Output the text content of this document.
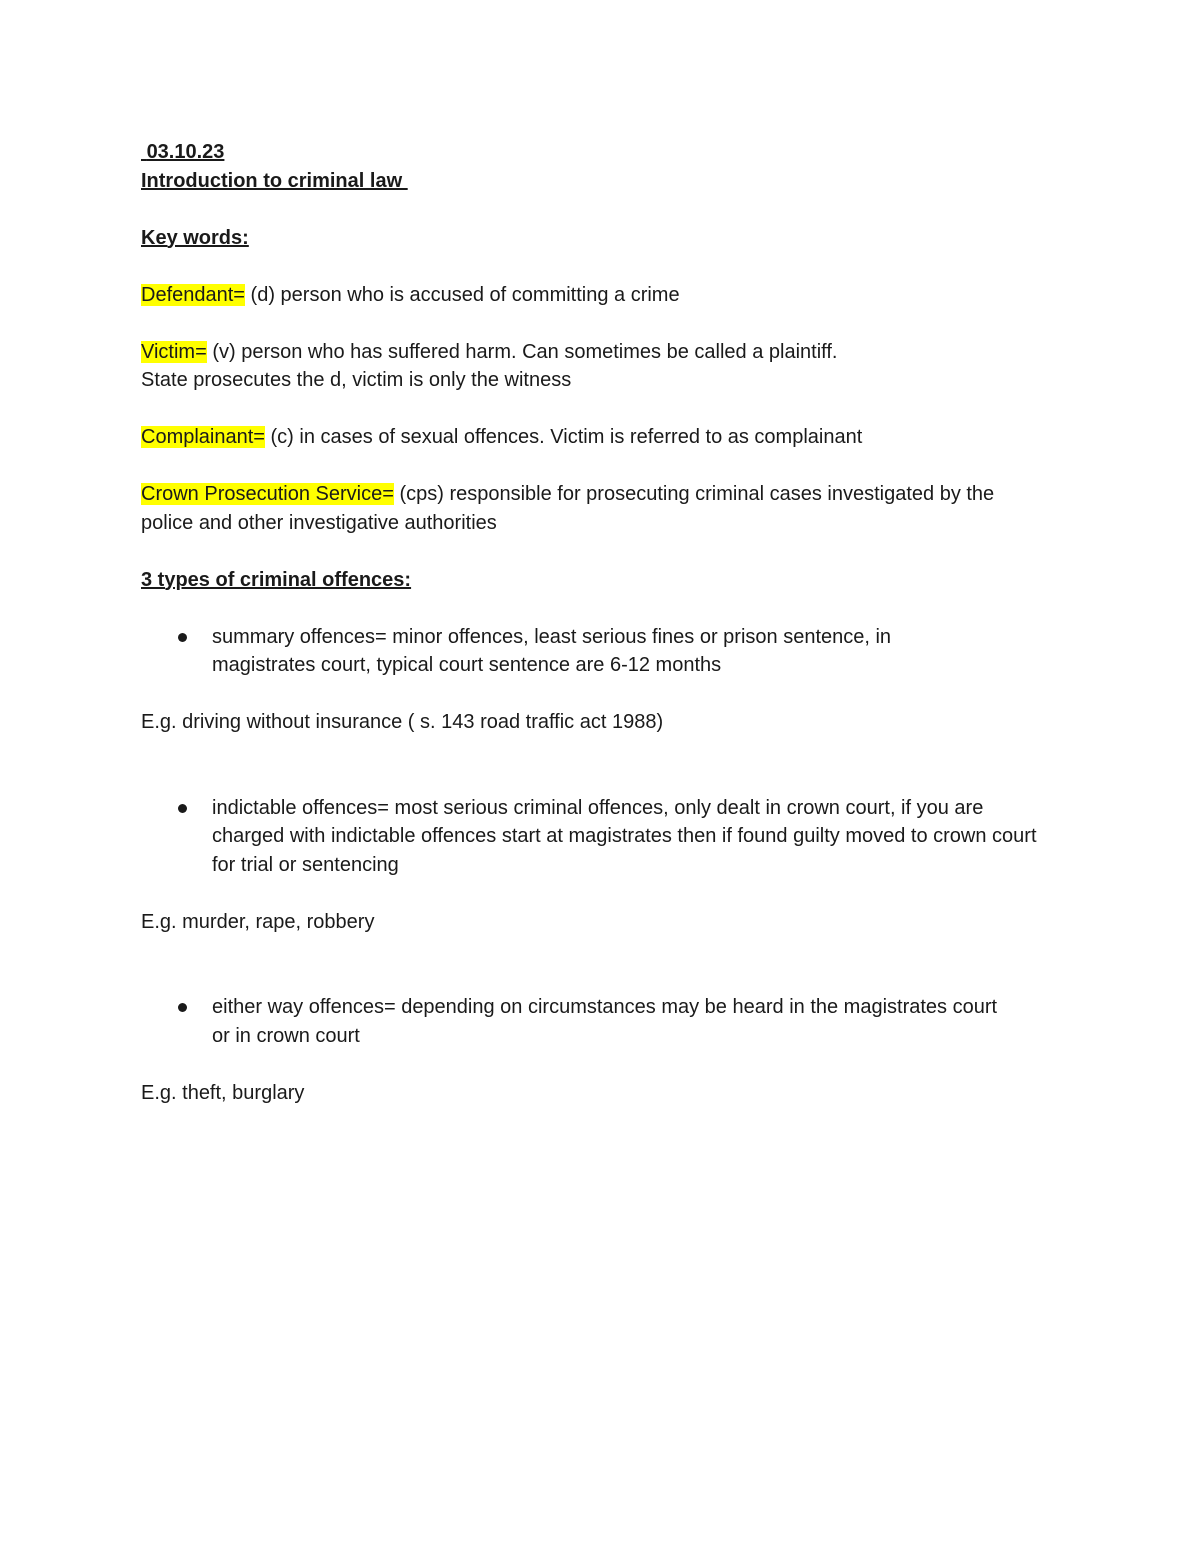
03.10.23
Introduction to criminal law
Key words:
Defendant= (d) person who is accused of committing a crime
Victim= (v) person who has suffered harm. Can sometimes be called a plaintiff.
State prosecutes the d, victim is only the witness
Complainant= (c) in cases of sexual offences. Victim is referred to as complainant
Crown Prosecution Service= (cps) responsible for prosecuting criminal cases investigated by the police and other investigative authorities
3 types of criminal offences:
summary offences= minor offences, least serious fines or prison sentence, in magistrates court, typical court sentence are 6-12 months
E.g. driving without insurance ( s. 143 road traffic act 1988)
indictable offences= most serious criminal offences, only dealt in crown court, if you are charged with indictable offences start at magistrates then if found guilty moved to crown court for trial or sentencing
E.g. murder, rape, robbery
either way offences= depending on circumstances may be heard in the magistrates court or in crown court
E.g. theft, burglary
